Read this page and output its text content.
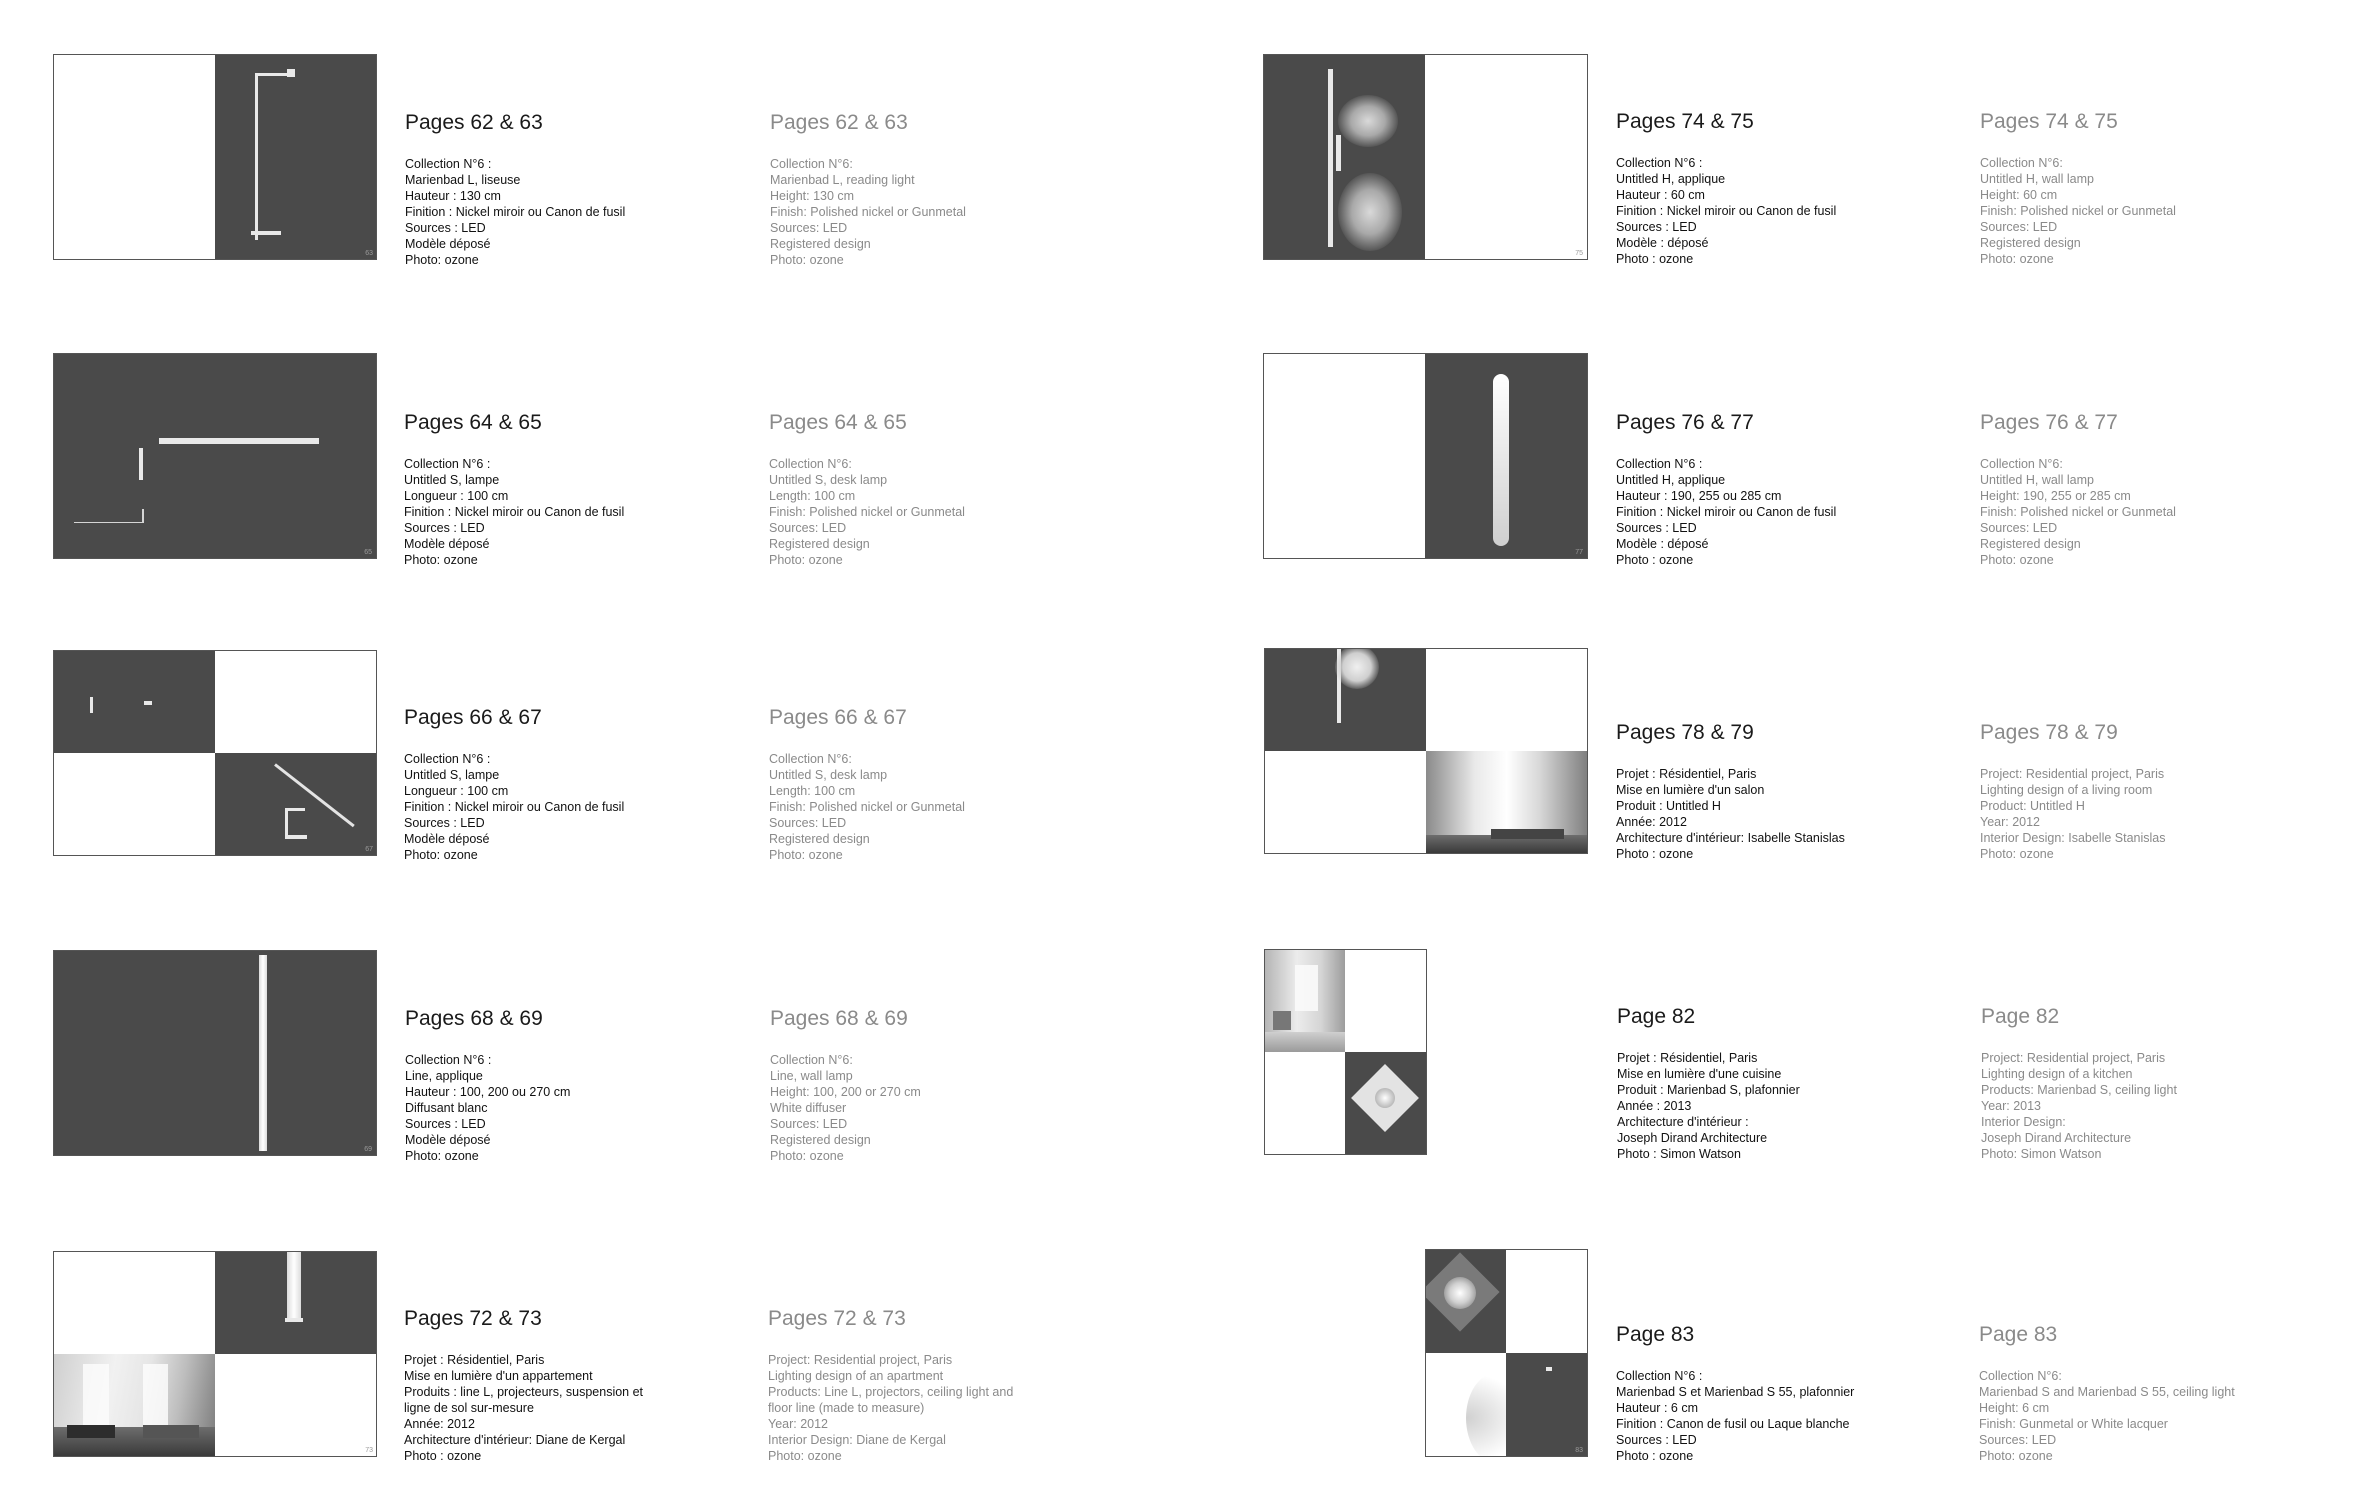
63
Pages 62 & 63
Collection N°6 :
Marienbad L, liseuse
Hauteur : 130 cm
Finition : Nickel miroir ou Canon de fusil
Sources : LED
Modèle déposé
Photo: ozone
Pages 62 & 63
Collection N°6:
Marienbad L, reading light
Height: 130 cm
Finish: Polished nickel or Gunmetal
Sources: LED
Registered design
Photo: ozone
65
Pages 64 & 65
Collection N°6 :
Untitled S, lampe
Longueur : 100 cm
Finition : Nickel miroir ou Canon de fusil
Sources : LED
Modèle déposé
Photo: ozone
Pages 64 & 65
Collection N°6:
Untitled S, desk lamp
Length: 100 cm
Finish: Polished nickel or Gunmetal
Sources: LED
Registered design
Photo: ozone
67
Pages 66 & 67
Collection N°6 :
Untitled S, lampe
Longueur : 100 cm
Finition : Nickel miroir ou Canon de fusil
Sources : LED
Modèle déposé
Photo: ozone
Pages 66 & 67
Collection N°6:
Untitled S, desk lamp
Length: 100 cm
Finish: Polished nickel or Gunmetal
Sources: LED
Registered design
Photo: ozone
69
Pages 68 & 69
Collection N°6 :
Line, applique
Hauteur : 100, 200 ou 270 cm
Diffusant blanc
Sources : LED
Modèle déposé
Photo: ozone
Pages 68 & 69
Collection N°6:
Line, wall lamp
Height: 100, 200 or 270 cm
White diffuser
Sources: LED
Registered design
Photo: ozone
73
Pages 72 & 73
Projet : Résidentiel, Paris
Mise en lumière d'un appartement
Produits : line L, projecteurs, suspension et
ligne de sol sur-mesure
Année: 2012
Architecture d'intérieur: Diane de Kergal
Photo : ozone
Pages 72 & 73
Project: Residential project, Paris
Lighting design of an apartment
Products: Line L, projectors, ceiling light and
floor line (made to measure)
Year: 2012
Interior Design: Diane de Kergal
Photo: ozone
75
Pages 74 & 75
Collection N°6 :
Untitled H, applique
Hauteur : 60 cm
Finition : Nickel miroir ou Canon de fusil
Sources : LED
Modèle : déposé
Photo : ozone
Pages 74 & 75
Collection N°6:
Untitled H, wall lamp
Height: 60 cm
Finish: Polished nickel or Gunmetal
Sources: LED
Registered design
Photo: ozone
77
Pages 76 & 77
Collection N°6 :
Untitled H, applique
Hauteur : 190, 255 ou 285 cm
Finition : Nickel miroir ou Canon de fusil
Sources : LED
Modèle : déposé
Photo : ozone
Pages 76 & 77
Collection N°6:
Untitled H, wall lamp
Height: 190, 255 or 285 cm
Finish: Polished nickel or Gunmetal
Sources: LED
Registered design
Photo: ozone
Pages 78 & 79
Projet : Résidentiel, Paris
Mise en lumière d'un salon
Produit : Untitled H
Année: 2012
Architecture d'intérieur: Isabelle Stanislas
Photo : ozone
Pages 78 & 79
Project: Residential project, Paris
Lighting design of a living room
Product: Untitled H
Year: 2012
Interior Design: Isabelle Stanislas
Photo: ozone
Page 82
Projet : Résidentiel, Paris
Mise en lumière d'une cuisine
Produit : Marienbad S, plafonnier
Année : 2013
Architecture d'intérieur :
Joseph Dirand Architecture
Photo : Simon Watson
Page 82
Project: Residential project, Paris
Lighting design of a kitchen
Products: Marienbad S, ceiling light
Year: 2013
Interior Design:
Joseph Dirand Architecture
Photo: Simon Watson
83
Page 83
Collection N°6 :
Marienbad S et Marienbad S 55, plafonnier
Hauteur : 6 cm
Finition : Canon de fusil ou Laque blanche
Sources : LED
Photo : ozone
Page 83
Collection N°6:
Marienbad S and Marienbad S 55, ceiling light
Height: 6 cm
Finish: Gunmetal or White lacquer
Sources: LED
Photo: ozone
